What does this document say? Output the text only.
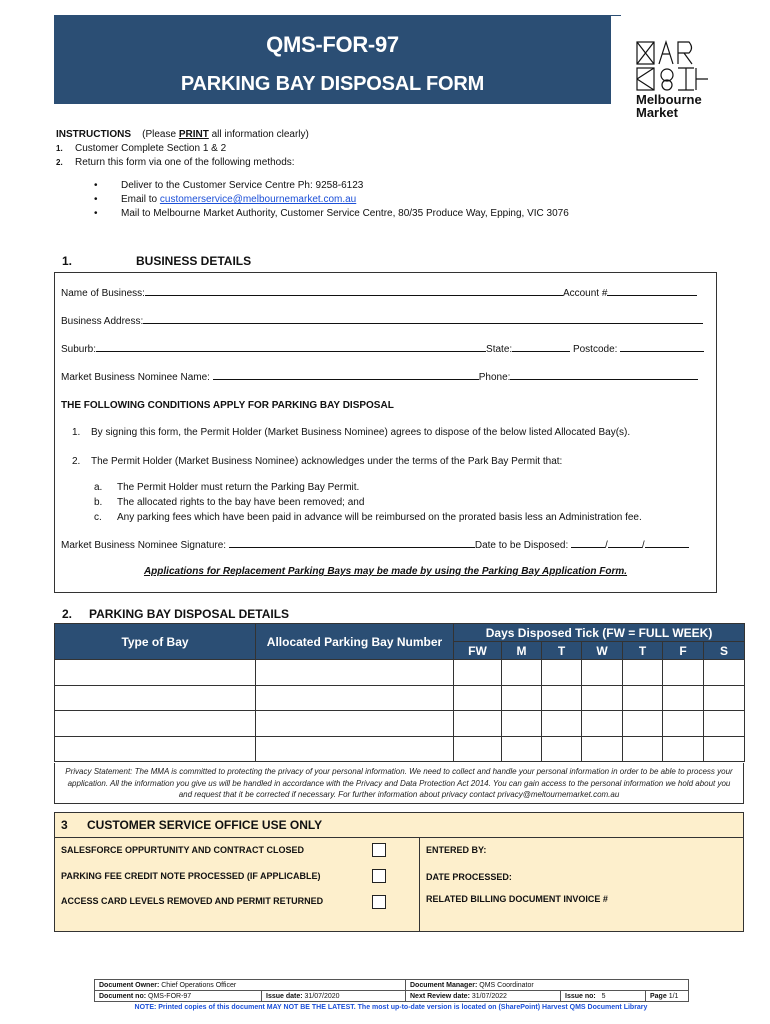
QMS-FOR-97
PARKING BAY DISPOSAL FORM
Melbourne
Market
INSTRUCTIONS (Please PRINT all information clearly)
1. Customer Complete Section 1 & 2
2. Return this form via one of the following methods:
• Deliver to the Customer Service Centre Ph: 9258-6123
• Email to customerservice@melbournemarket.com.au
• Mail to Melbourne Market Authority, Customer Service Centre, 80/35 Produce Way, Epping, VIC 3076
1.	BUSINESS DETAILS
Name of Business:	Account #
Business Address:
Suburb:	State:	Postcode:
Market Business Nominee Name:	Phone:
THE FOLLOWING CONDITIONS APPLY FOR PARKING BAY DISPOSAL
1. By signing this form, the Permit Holder (Market Business Nominee) agrees to dispose of the below listed Allocated Bay(s).
2. The Permit Holder (Market Business Nominee) acknowledges under the terms of the Park Bay Permit that:
a. The Permit Holder must return the Parking Bay Permit.
b. The allocated rights to the bay have been removed; and
c. Any parking fees which have been paid in advance will be reimbursed on the prorated basis less an Administration fee.
Market Business Nominee Signature:	Date to be Disposed:	/	/
Applications for Replacement Parking Bays may be made by using the Parking Bay Application Form.
2. PARKING BAY DISPOSAL DETAILS
Type of Bay	Allocated Parking Bay Number	Days Disposed Tick (FW = FULL WEEK)						
		FW	M	T	W	T	F	S

Privacy Statement: The MMA is committed to protecting the privacy of your personal information. We need to collect and handle your personal information in order to be able to process your application. All the information you give us will be handled in accordance with the Privacy and Data Protection Act 2014. You can gain access to the personal information we hold about you and request that it be corrected if necessary. For further information about privacy contact privacy@meltournemarket.com.au
3 CUSTOMER SERVICE OFFICE USE ONLY
SALESFORCE OPPURTUNITY AND CONTRACT CLOSED
PARKING FEE CREDIT NOTE PROCESSED (IF APPLICABLE)
ACCESS CARD LEVELS REMOVED AND PERMIT RETURNED
ENTERED BY:
DATE PROCESSED:
RELATED BILLING DOCUMENT INVOICE #
Document Owner: Chief Operations Officer		Document Manager: QMS Coordinator		
Document no: QMS-FOR-97	Issue date: 31/07/2020	Next Review date: 31/07/2022	Issue no: 5	Page 1/1
NOTE: Printed copies of this document MAY NOT BE THE LATEST. The most up-to-date version is located on (SharePoint) Harvest QMS Document Library
